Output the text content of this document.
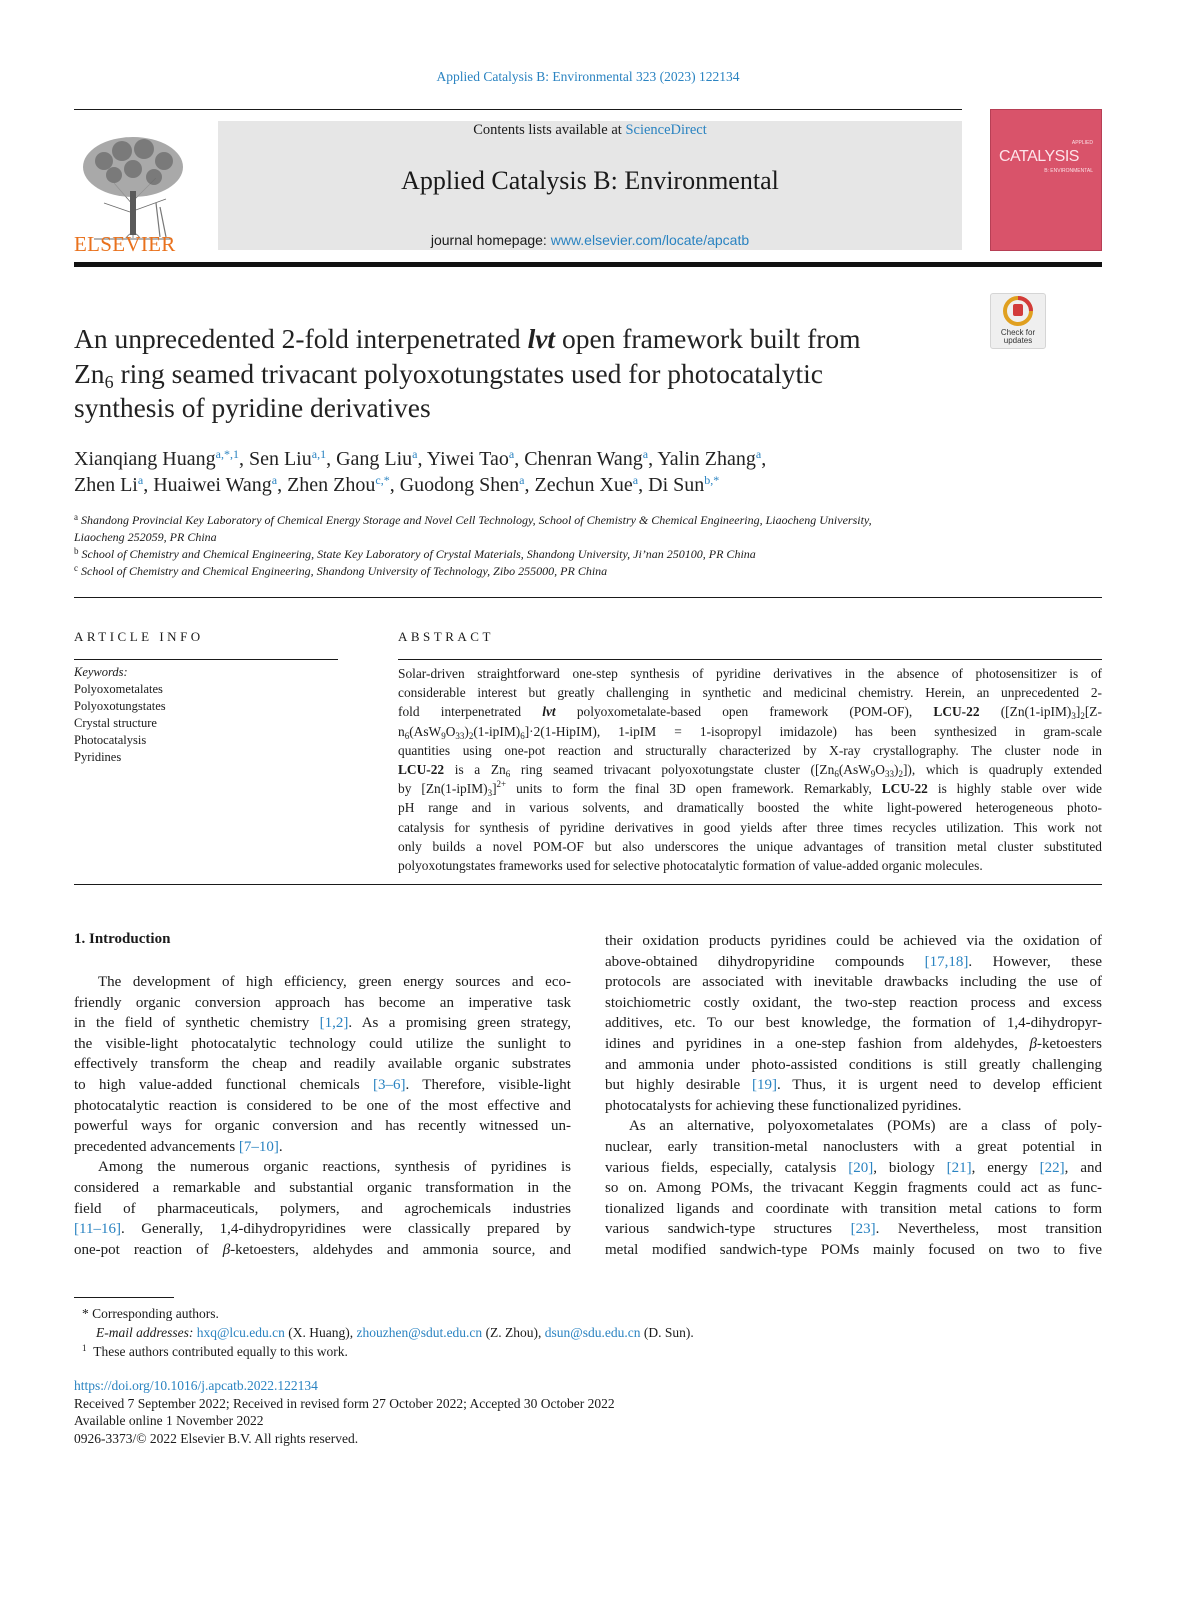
Applied Catalysis B: Environmental 323 (2023) 122134
ELSEVIER
Contents lists available at ScienceDirect
Applied Catalysis B: Environmental
journal homepage: www.elsevier.com/locate/apcatb
APPLIED
CATALYSIS
B: ENVIRONMENTAL
Check for
updates
An unprecedented 2-fold interpenetrated lvt open framework built from
$Zn_6$ ring seamed trivacant polyoxotungstates used for photocatalytic
synthesis of pyridine derivatives
Xianqiang Huang$^{a,*,1}$, Sen Liu$^{a,1}$, Gang Liu$^a$, Yiwei Tao$^a$, Chenran Wang$^a$, Yalin Zhang$^a$,
Zhen Li$^a$, Huaiwei Wang$^a$, Zhen Zhou$^{c,*}$, Guodong Shen$^a$, Zechun Xue$^a$, Di Sun$^{b,*}$
$^a$ Shandong Provincial Key Laboratory of Chemical Energy Storage and Novel Cell Technology, School of Chemistry & Chemical Engineering, Liaocheng University,
Liaocheng 252059, PR China
$^b$ School of Chemistry and Chemical Engineering, State Key Laboratory of Crystal Materials, Shandong University, Ji’nan 250100, PR China
$^c$ School of Chemistry and Chemical Engineering, Shandong University of Technology, Zibo 255000, PR China
ARTICLE INFO	ABSTRACT
Keywords:
Polyoxometalates
Polyoxotungstates
Crystal structure
Photocatalysis
Pyridines
Solar-driven straightforward one-step synthesis of pyridine derivatives in the absence of photosensitizer is of
considerable interest but greatly challenging in synthetic and medicinal chemistry. Herein, an unprecedented 2-
fold interpenetrated lvt polyoxometalate-based open framework (POM-OF), LCU-22 ($[Zn(1-ipIM)_3]_2[Z-$
$n_6(AsW_9O_{33})_2(1-ipIM)_6]\cdot 2(1-HipIM)$, 1-ipIM = 1-isopropyl imidazole) has been synthesized in gram-scale
quantities using one-pot reaction and structurally characterized by X-ray crystallography. The cluster node in
LCU-22 is a $Zn_6$ ring seamed trivacant polyoxotungstate cluster $([Zn_6(AsW_9O_{33})_2])$, which is quadruply extended
by $[Zn(1-ipIM)_3]^{2+}$ units to form the final 3D open framework. Remarkably, LCU-22 is highly stable over wide
pH range and in various solvents, and dramatically boosted the white light-powered heterogeneous photo-
catalysis for synthesis of pyridine derivatives in good yields after three times recycles utilization. This work not
only builds a novel POM-OF but also underscores the unique advantages of transition metal cluster substituted
polyoxotungstates frameworks used for selective photocatalytic formation of value-added organic molecules.
1. Introduction
The development of high efficiency, green energy sources and eco-
friendly organic conversion approach has become an imperative task
in the field of synthetic chemistry [1,2]. As a promising green strategy,
the visible-light photocatalytic technology could utilize the sunlight to
effectively transform the cheap and readily available organic substrates
to high value-added functional chemicals [3–6]. Therefore, visible-light
photocatalytic reaction is considered to be one of the most effective and
powerful ways for organic conversion and has recently witnessed un-
precedented advancements [7–10].
Among the numerous organic reactions, synthesis of pyridines is
considered a remarkable and substantial organic transformation in the
field of pharmaceuticals, polymers, and agrochemicals industries
[11–16]. Generally, 1,4-dihydropyridines were classically prepared by
one-pot reaction of β-ketoesters, aldehydes and ammonia source, and
their oxidation products pyridines could be achieved via the oxidation of
above-obtained dihydropyridine compounds [17,18]. However, these
protocols are associated with inevitable drawbacks including the use of
stoichiometric costly oxidant, the two-step reaction process and excess
additives, etc. To our best knowledge, the formation of 1,4-dihydropyr-
idines and pyridines in a one-step fashion from aldehydes, β-ketoesters
and ammonia under photo-assisted conditions is still greatly challenging
but highly desirable [19]. Thus, it is urgent need to develop efficient
photocatalysts for achieving these functionalized pyridines.
As an alternative, polyoxometalates (POMs) are a class of poly-
nuclear, early transition-metal nanoclusters with a great potential in
various fields, especially, catalysis [20], biology [21], energy [22], and
so on. Among POMs, the trivacant Keggin fragments could act as func-
tionalized ligands and coordinate with transition metal cations to form
various sandwich-type structures [23]. Nevertheless, most transition
metal modified sandwich-type POMs mainly focused on two to five
* Corresponding authors.
E-mail addresses: hxq@lcu.edu.cn (X. Huang), zhouzhen@sdut.edu.cn (Z. Zhou), dsun@sdu.edu.cn (D. Sun).
$^1$ These authors contributed equally to this work.
https://doi.org/10.1016/j.apcatb.2022.122134
Received 7 September 2022; Received in revised form 27 October 2022; Accepted 30 October 2022
Available online 1 November 2022
0926-3373/© 2022 Elsevier B.V. All rights reserved.
